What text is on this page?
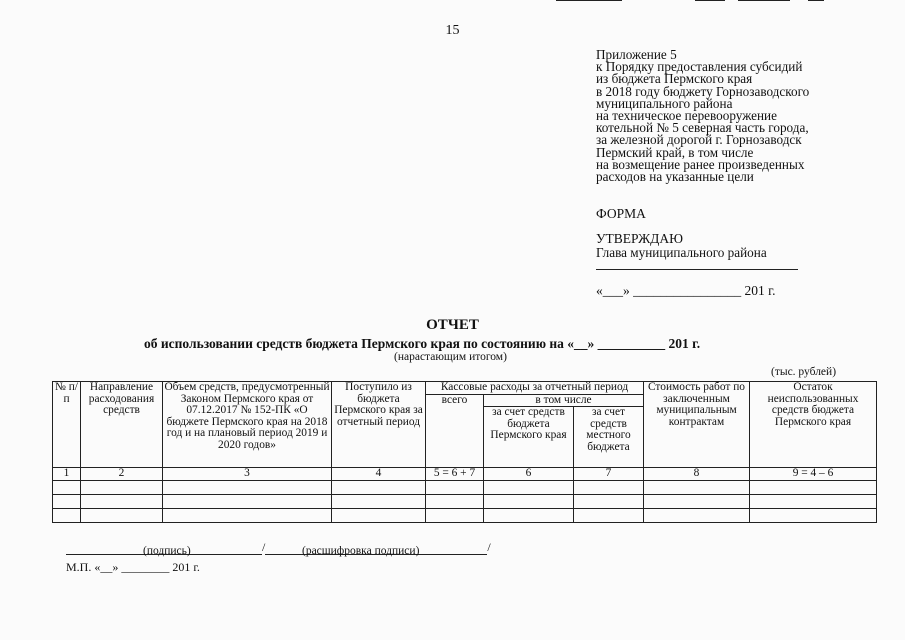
15
Приложение 5
к Порядку предоставления субсидий
из бюджета Пермского края
в 2018 году бюджету Горнозаводского
муниципального района
на техническое перевооружение
котельной № 5 северная часть города,
за железной дорогой г. Горнозаводск
Пермский край, в том числе
на возмещение ранее произведенных
расходов на указанные цели
ФОРМА
УТВЕРЖДАЮ
Глава муниципального района
«___» ________________ 201 г.
ОТЧЕТ
об использовании средств бюджета Пермского края по состоянию на «__» __________ 201 г.
(нарастающим итогом)
(тыс. рублей)
№ п/п	Направление расходования средств	Объем средств, предусмотренный Законом Пермского края от 07.12.2017 № 152-ПК «О бюджете Пермского края на 2018 год и на плановый период 2019 и 2020 годов»	Поступило из бюджета Пермского края за отчетный период	Кассовые расходы за отчетный период			Стоимость работ по заключенным муниципальным контрактам	Остаток неиспользованных средств бюджета Пермского края
				всего	в том числе			
					за счет средств бюджета Пермского края	за счет средств местного бюджета		
1	2	3	4	5 = 6 + 7	6	7	8	9 = 4 – 6

/	/
(подпись)	(расшифровка подписи)
М.П. «__» ________ 201 г.
